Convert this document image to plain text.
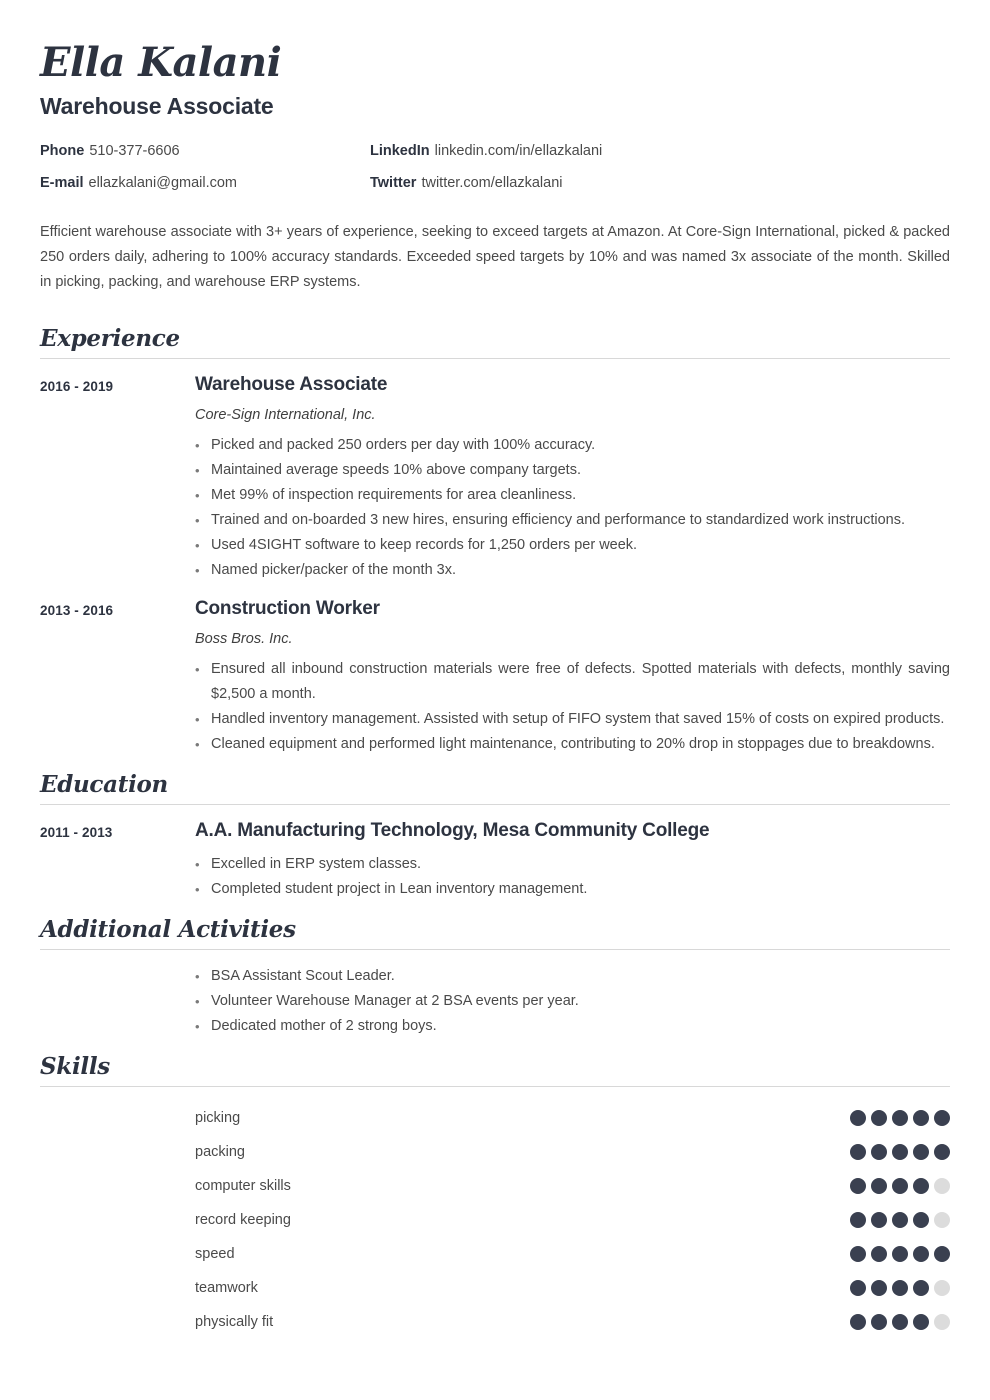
Ella Kalani
Warehouse Associate
Phone 510-377-6606	LinkedIn linkedin.com/in/ellazkalani
E-mail ellazkalani@gmail.com	Twitter twitter.com/ellazkalani

Efficient warehouse associate with 3+ years of experience, seeking to exceed targets at Amazon. At Core-Sign International, picked & packed 250 orders daily, adhering to 100% accuracy standards. Exceeded speed targets by 10% and was named 3x associate of the month. Skilled in picking, packing, and warehouse ERP systems.

Experience
2016 - 2019	Warehouse Associate
Core-Sign International, Inc.
• Picked and packed 250 orders per day with 100% accuracy.
• Maintained average speeds 10% above company targets.
• Met 99% of inspection requirements for area cleanliness.
• Trained and on-boarded 3 new hires, ensuring efficiency and performance to standardized work instructions.
• Used 4SIGHT software to keep records for 1,250 orders per week.
• Named picker/packer of the month 3x.
2013 - 2016	Construction Worker
Boss Bros. Inc.
• Ensured all inbound construction materials were free of defects. Spotted materials with defects, monthly saving $2,500 a month.
• Handled inventory management. Assisted with setup of FIFO system that saved 15% of costs on expired products.
• Cleaned equipment and performed light maintenance, contributing to 20% drop in stoppages due to breakdowns.
Education
2011 - 2013	A.A. Manufacturing Technology, Mesa Community College
• Excelled in ERP system classes.
• Completed student project in Lean inventory management.
Additional Activities
• BSA Assistant Scout Leader.
• Volunteer Warehouse Manager at 2 BSA events per year.
• Dedicated mother of 2 strong boys.
Skills
picking
packing
computer skills
record keeping
speed
teamwork
physically fit
